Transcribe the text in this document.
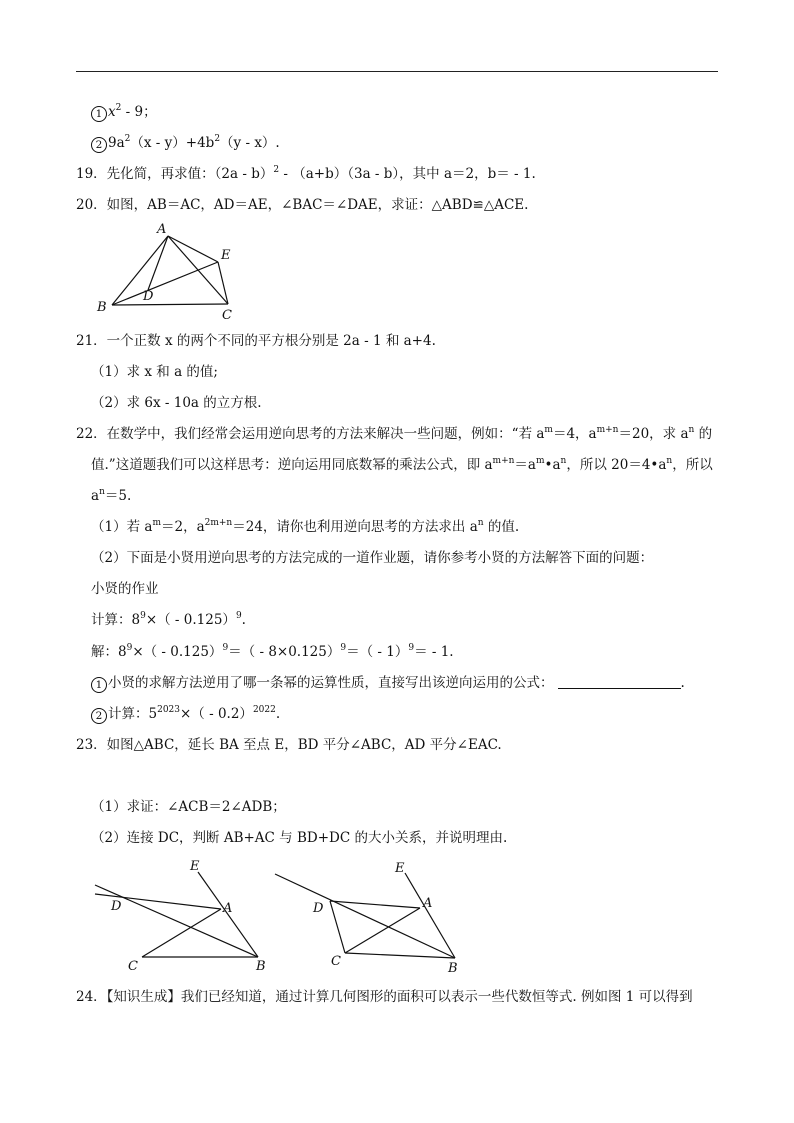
1 $x^2 - 9$；
2 $9a^2(x - y)+4b^2(y - x)$.
19．先化简，再求值：（2a - b）$^2$ - （a+b）（3a - b），其中 a＝2，b＝ - 1.
20．如图，AB＝AC，AD＝AE，∠BAC＝∠DAE，求证：△ABD≌△ACE.
A
E
D
B
C
21．一个正数 x 的两个不同的平方根分别是 2a - 1 和 a+4.
（1）求 x 和 a 的值;
（2）求 6x - 10a 的立方根.
22．在数学中，我们经常会运用逆向思考的方法来解决一些问题，例如：“若 $a^m=4$，$a^{m+n}=20$，求 $a^n$ 的
值.”这道题我们可以这样思考：逆向运用同底数幂的乘法公式，即 $a^{m+n}=a^m•a^n$，所以 $20=4•a^n$，所以
$a^n=5$.
（1）若 $a^m=2$，$a^{2m+n}=24$，请你也利用逆向思考的方法求出 $a^n$ 的值.
（2）下面是小贤用逆向思考的方法完成的一道作业题，请你参考小贤的方法解答下面的问题：
小贤的作业
计算：$8^9\times( - 0.125)^9$.
解：$8^9\times( - 0.125)^9=( - 8\times 0.125)^9=( - 1)^9= - 1$.
1 小贤的求解方法逆用了哪一条幂的运算性质，直接写出该逆向运用的公式：	.
2 计算：$5^{2023}\times( - 0.2)^{2022}$.
23．如图△ABC，延长 BA 至点 E，BD 平分∠ABC，AD 平分∠EAC.
（1）求证：∠ACB＝2∠ADB；
（2）连接 DC，判断 AB+AC 与 BD+DC 的大小关系，并说明理由.
E
D	A
C	B
E
D	A
C	B
24．【知识生成】我们已经知道，通过计算几何图形的面积可以表示一些代数恒等式. 例如图 1 可以得到
